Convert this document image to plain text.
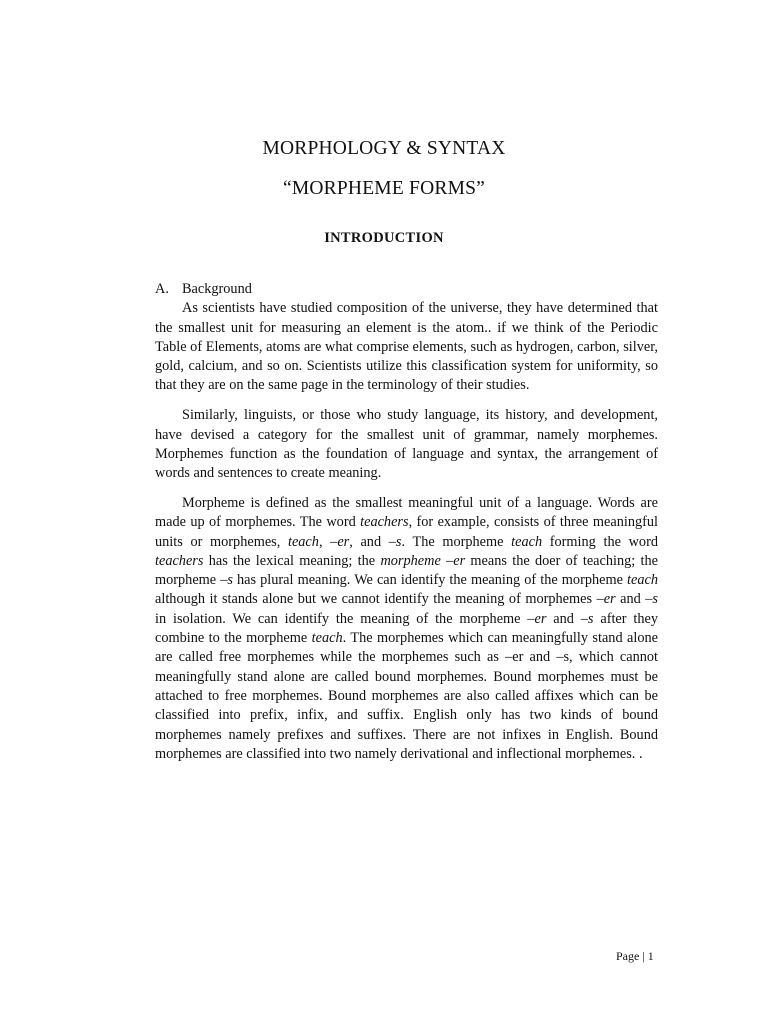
MORPHOLOGY & SYNTAX
“MORPHEME FORMS”
INTRODUCTION
A. Background

As scientists have studied composition of the universe, they have determined that the smallest unit for measuring an element is the atom.. if we think of the Periodic Table of Elements, atoms are what comprise elements, such as hydrogen, carbon, silver, gold, calcium, and so on. Scientists utilize this classification system for uniformity, so that they are on the same page in the terminology of their studies.

Similarly, linguists, or those who study language, its history, and development, have devised a category for the smallest unit of grammar, namely morphemes. Morphemes function as the foundation of language and syntax, the arrangement of words and sentences to create meaning.

Morpheme is defined as the smallest meaningful unit of a language. Words are made up of morphemes. The word teachers, for example, consists of three meaningful units or morphemes, teach, –er, and –s. The morpheme teach forming the word teachers has the lexical meaning; the morpheme –er means the doer of teaching; the morpheme –s has plural meaning. We can identify the meaning of the morpheme teach although it stands alone but we cannot identify the meaning of morphemes –er and –s in isolation. We can identify the meaning of the morpheme –er and –s after they combine to the morpheme teach. The morphemes which can meaningfully stand alone are called free morphemes while the morphemes such as –er and –s, which cannot meaningfully stand alone are called bound morphemes. Bound morphemes must be attached to free morphemes. Bound morphemes are also called affixes which can be classified into prefix, infix, and suffix. English only has two kinds of bound morphemes namely prefixes and suffixes. There are not infixes in English. Bound morphemes are classified into two namely derivational and inflectional morphemes. .

Page | 1
